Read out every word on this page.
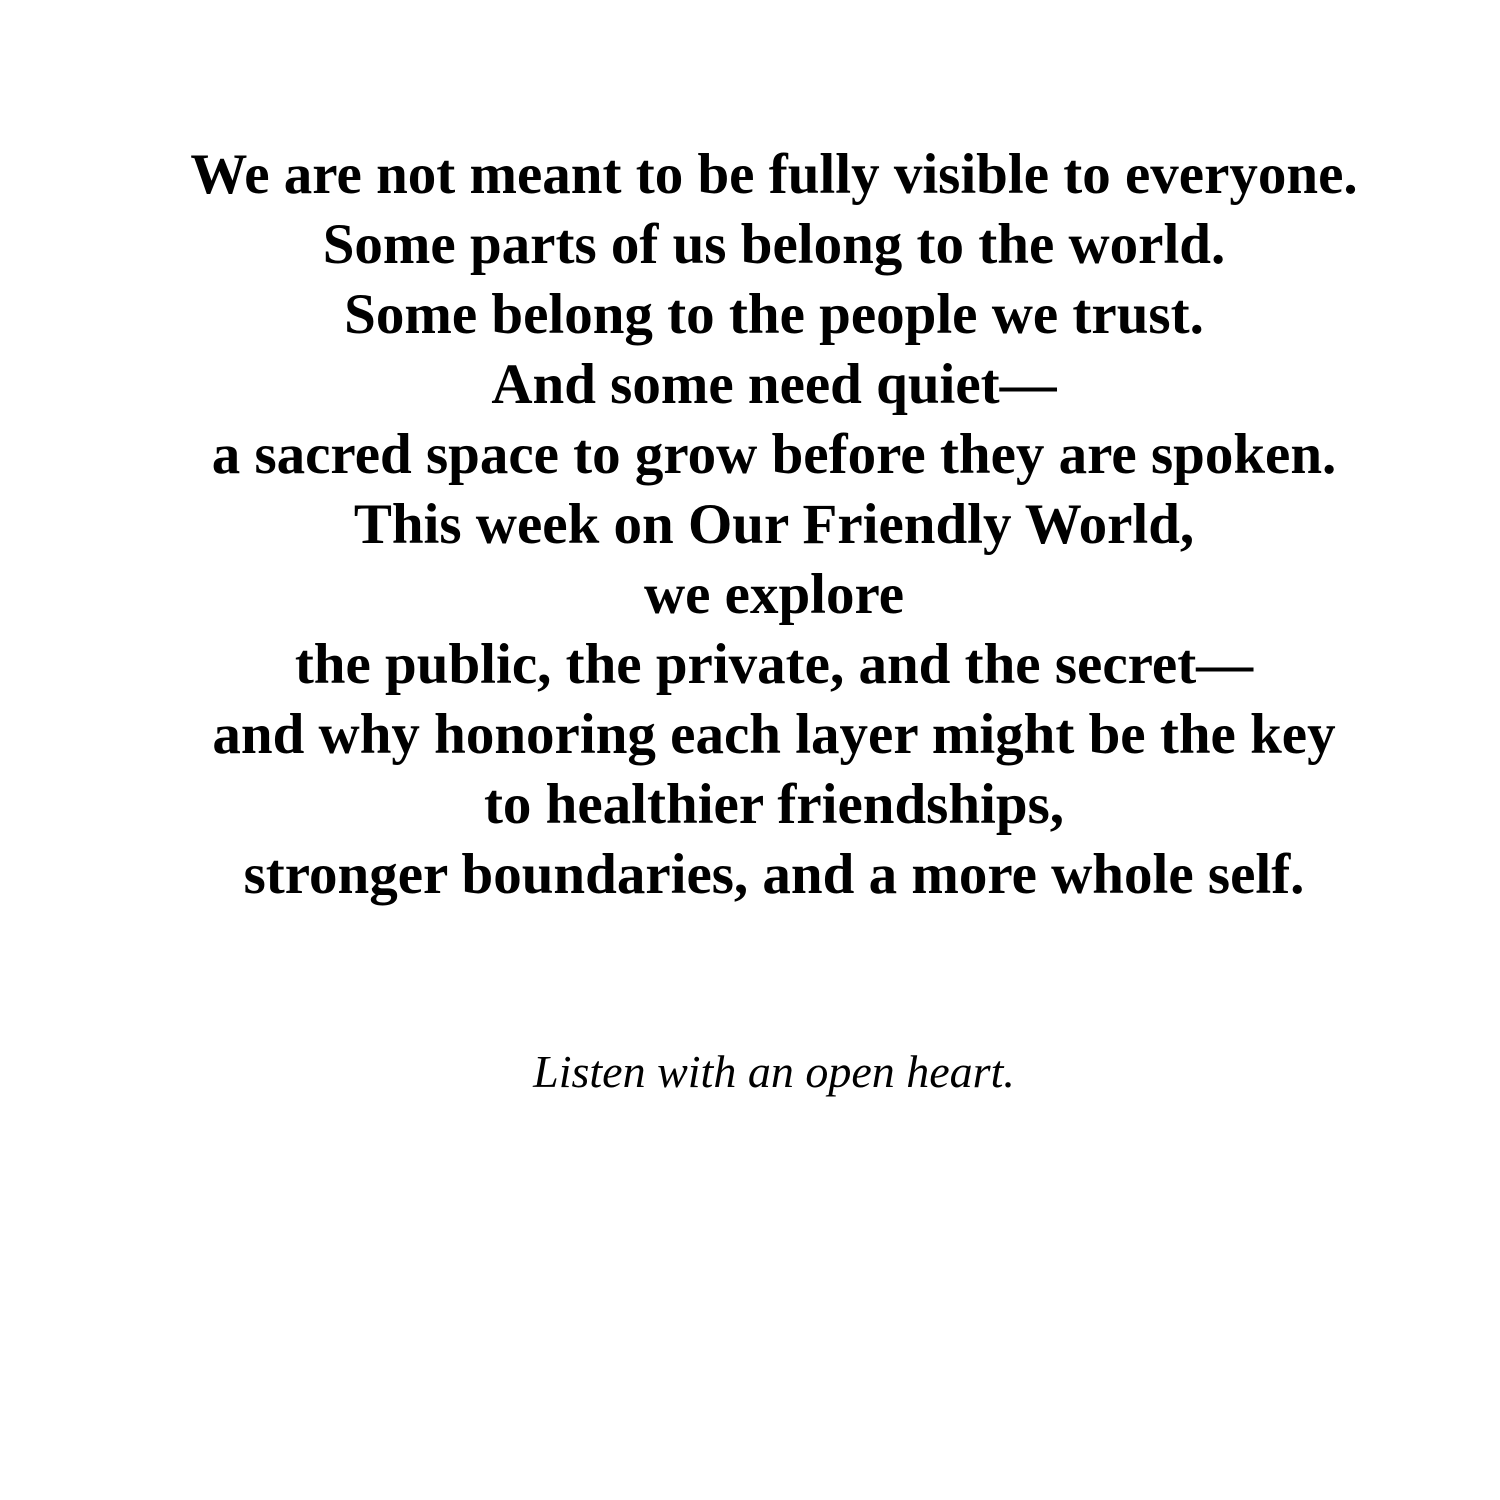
We are not meant to be fully visible to everyone.
Some parts of us belong to the world.
Some belong to the people we trust.
And some need quiet—
a sacred space to grow before they are spoken.
This week on Our Friendly World,
we explore
the public, the private, and the secret—
and why honoring each layer might be the key
to healthier friendships,
stronger boundaries, and a more whole self.

Listen with an open heart.
